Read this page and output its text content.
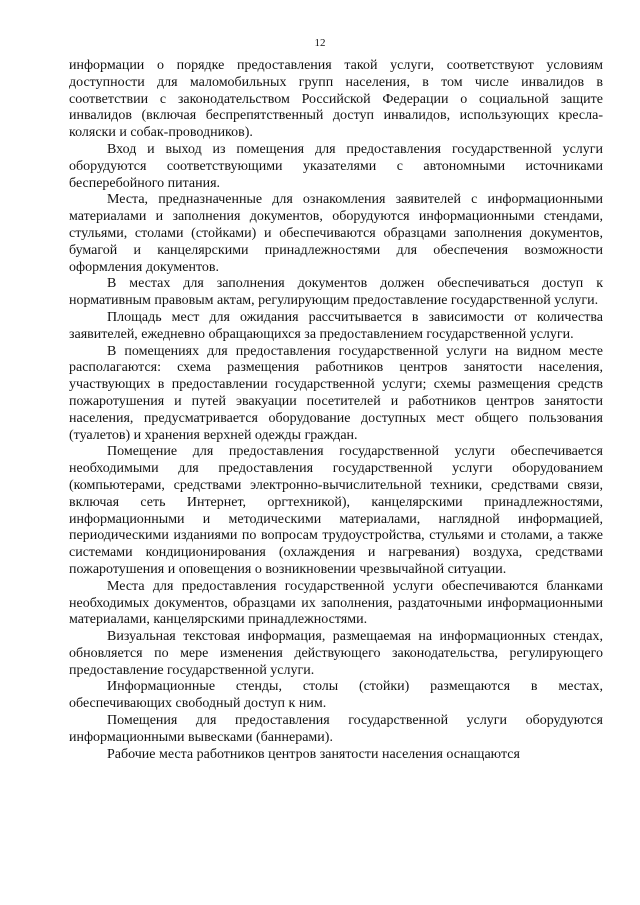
12

информации о порядке предоставления такой услуги, соответствуют условиям доступности для маломобильных групп населения, в том числе инвалидов в соответствии с законодательством Российской Федерации о социальной защите инвалидов (включая беспрепятственный доступ инвалидов, использующих кресла-коляски и собак-проводников).

Вход и выход из помещения для предоставления государственной услуги оборудуются соответствующими указателями с автономными источниками бесперебойного питания.

Места, предназначенные для ознакомления заявителей с информационными материалами и заполнения документов, оборудуются информационными стендами, стульями, столами (стойками) и обеспечиваются образцами заполнения документов, бумагой и канцелярскими принадлежностями для обеспечения возможности оформления документов.

В местах для заполнения документов должен обеспечиваться доступ к нормативным правовым актам, регулирующим предоставление государственной услуги.

Площадь мест для ожидания рассчитывается в зависимости от количества заявителей, ежедневно обращающихся за предоставлением государственной услуги.

В помещениях для предоставления государственной услуги на видном месте располагаются: схема размещения работников центров занятости населения, участвующих в предоставлении государственной услуги; схемы размещения средств пожаротушения и путей эвакуации посетителей и работников центров занятости населения, предусматривается оборудование доступных мест общего пользования (туалетов) и хранения верхней одежды граждан.

Помещение для предоставления государственной услуги обеспечивается необходимыми для предоставления государственной услуги оборудованием (компьютерами, средствами электронно-вычислительной техники, средствами связи, включая сеть Интернет, оргтехникой), канцелярскими принадлежностями, информационными и методическими материалами, наглядной информацией, периодическими изданиями по вопросам трудоустройства, стульями и столами, а также системами кондиционирования (охлаждения и нагревания) воздуха, средствами пожаротушения и оповещения о возникновении чрезвычайной ситуации.

Места для предоставления государственной услуги обеспечиваются бланками необходимых документов, образцами их заполнения, раздаточными информационными материалами, канцелярскими принадлежностями.

Визуальная текстовая информация, размещаемая на информационных стендах, обновляется по мере изменения действующего законодательства, регулирующего предоставление государственной услуги.

Информационные стенды, столы (стойки) размещаются в местах, обеспечивающих свободный доступ к ним.

Помещения для предоставления государственной услуги оборудуются информационными вывесками (баннерами).

Рабочие места работников центров занятости населения оснащаются
